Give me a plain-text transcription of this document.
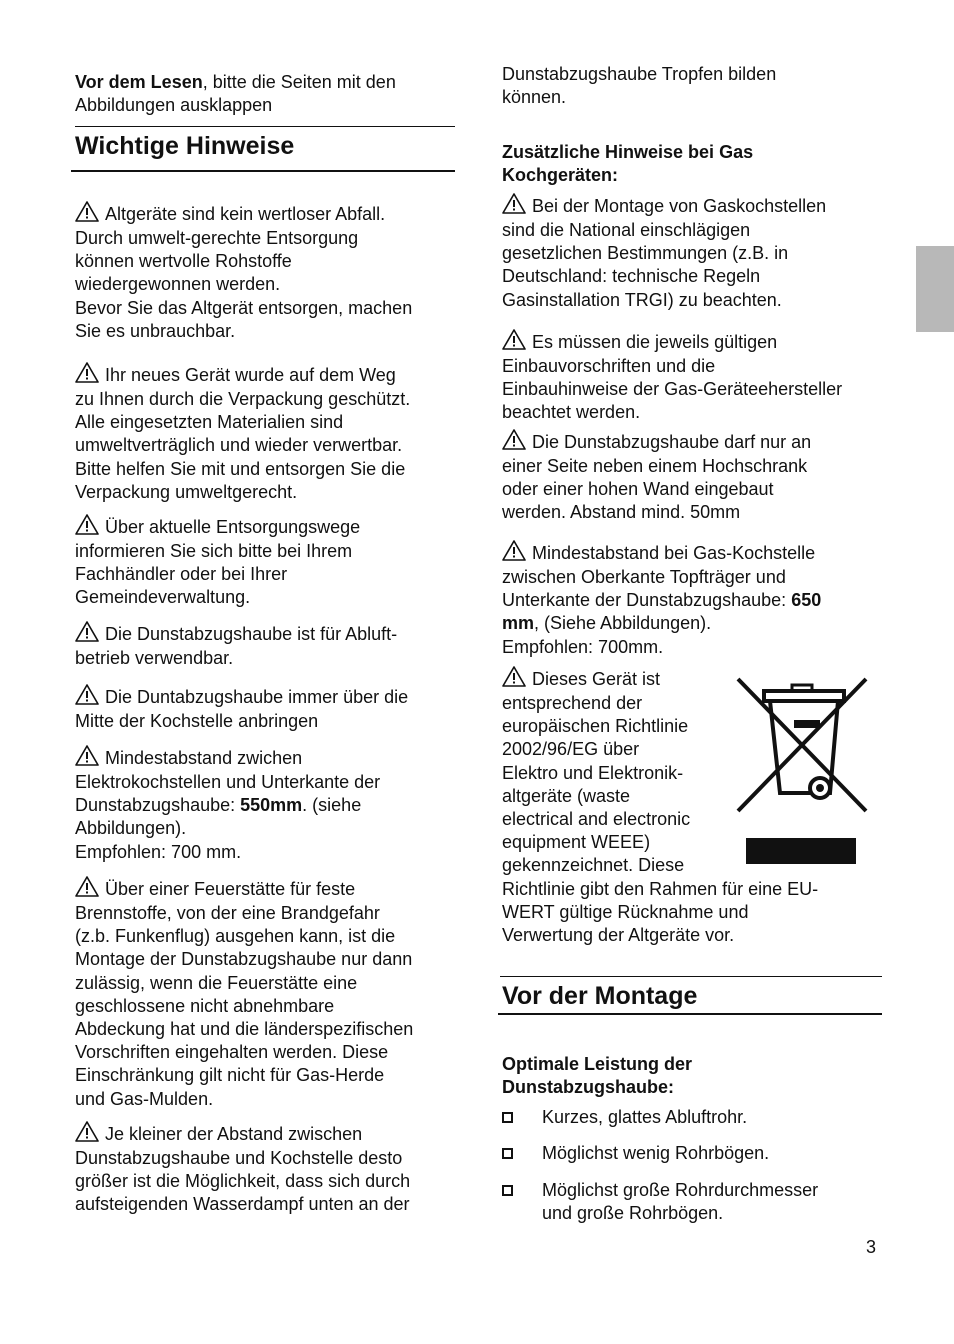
Vor dem Lesen, bitte die Seiten mit den
Abbildungen ausklappen
Wichtige Hinweise
Altgeräte sind kein wertloser Abfall.
Durch umwelt-gerechte Entsorgung
können wertvolle Rohstoffe
wiedergewonnen werden.
Bevor Sie das Altgerät entsorgen, machen
Sie es unbrauchbar.
Ihr neues Gerät wurde auf dem Weg
zu Ihnen durch die Verpackung geschützt.
Alle eingesetzten Materialien sind
umweltverträglich und wieder verwertbar.
Bitte helfen Sie mit und entsorgen Sie die
Verpackung umweltgerecht.
Über aktuelle Entsorgungswege
informieren Sie sich bitte bei Ihrem
Fachhändler oder bei Ihrer
Gemeindeverwaltung.
Die Dunstabzugshaube ist für Abluft-
betrieb verwendbar.
Die Duntabzugshaube immer über die
Mitte der Kochstelle anbringen
Mindestabstand zwichen
Elektrokochstellen und Unterkante der
Dunstabzugshaube: 550mm. (siehe
Abbildungen).
Empfohlen: 700 mm.
Über einer Feuerstätte für feste
Brennstoffe, von der eine Brandgefahr
(z.b. Funkenflug) ausgehen kann, ist die
Montage der Dunstabzugshaube nur dann
zulässig, wenn die Feuerstätte eine
geschlossene nicht abnehmbare
Abdeckung hat und die länderspezifischen
Vorschriften eingehalten werden. Diese
Einschränkung gilt nicht für Gas-Herde
und Gas-Mulden.
Je kleiner der Abstand zwischen
Dunstabzugshaube und Kochstelle desto
größer ist die Möglichkeit, dass sich durch
aufsteigenden Wasserdampf unten an der
Dunstabzugshaube Tropfen bilden
können.
Zusätzliche Hinweise bei Gas
Kochgeräten:
Bei der Montage von Gaskochstellen
sind die National einschlägigen
gesetzlichen Bestimmungen (z.B. in
Deutschland: technische Regeln
Gasinstallation TRGI) zu beachten.
Es müssen die jeweils gültigen
Einbauvorschriften und die
Einbauhinweise der Gas-Geräteehersteller
beachtet werden.
Die Dunstabzugshaube darf nur an
einer Seite neben einem Hochschrank
oder einer hohen Wand eingebaut
werden. Abstand mind. 50mm
Mindestabstand bei Gas-Kochstelle
zwischen Oberkante Topfträger und
Unterkante der Dunstabzugshaube: 650
mm, (Siehe Abbildungen).
Empfohlen: 700mm.
Dieses Gerät ist
entsprechend der
europäischen Richtlinie
2002/96/EG über
Elektro und Elektronik-
altgeräte (waste
electrical and electronic
equipment WEEE)
gekennzeichnet. Diese
Richtlinie gibt den Rahmen für eine EU-
WERT gültige Rücknahme und
Verwertung der Altgeräte vor.
Vor der Montage
Optimale Leistung der
Dunstabzugshaube:
Kurzes, glattes Abluftrohr.
Möglichst wenig Rohrbögen.
Möglichst große Rohrdurchmesser
und große Rohrbögen.
3
